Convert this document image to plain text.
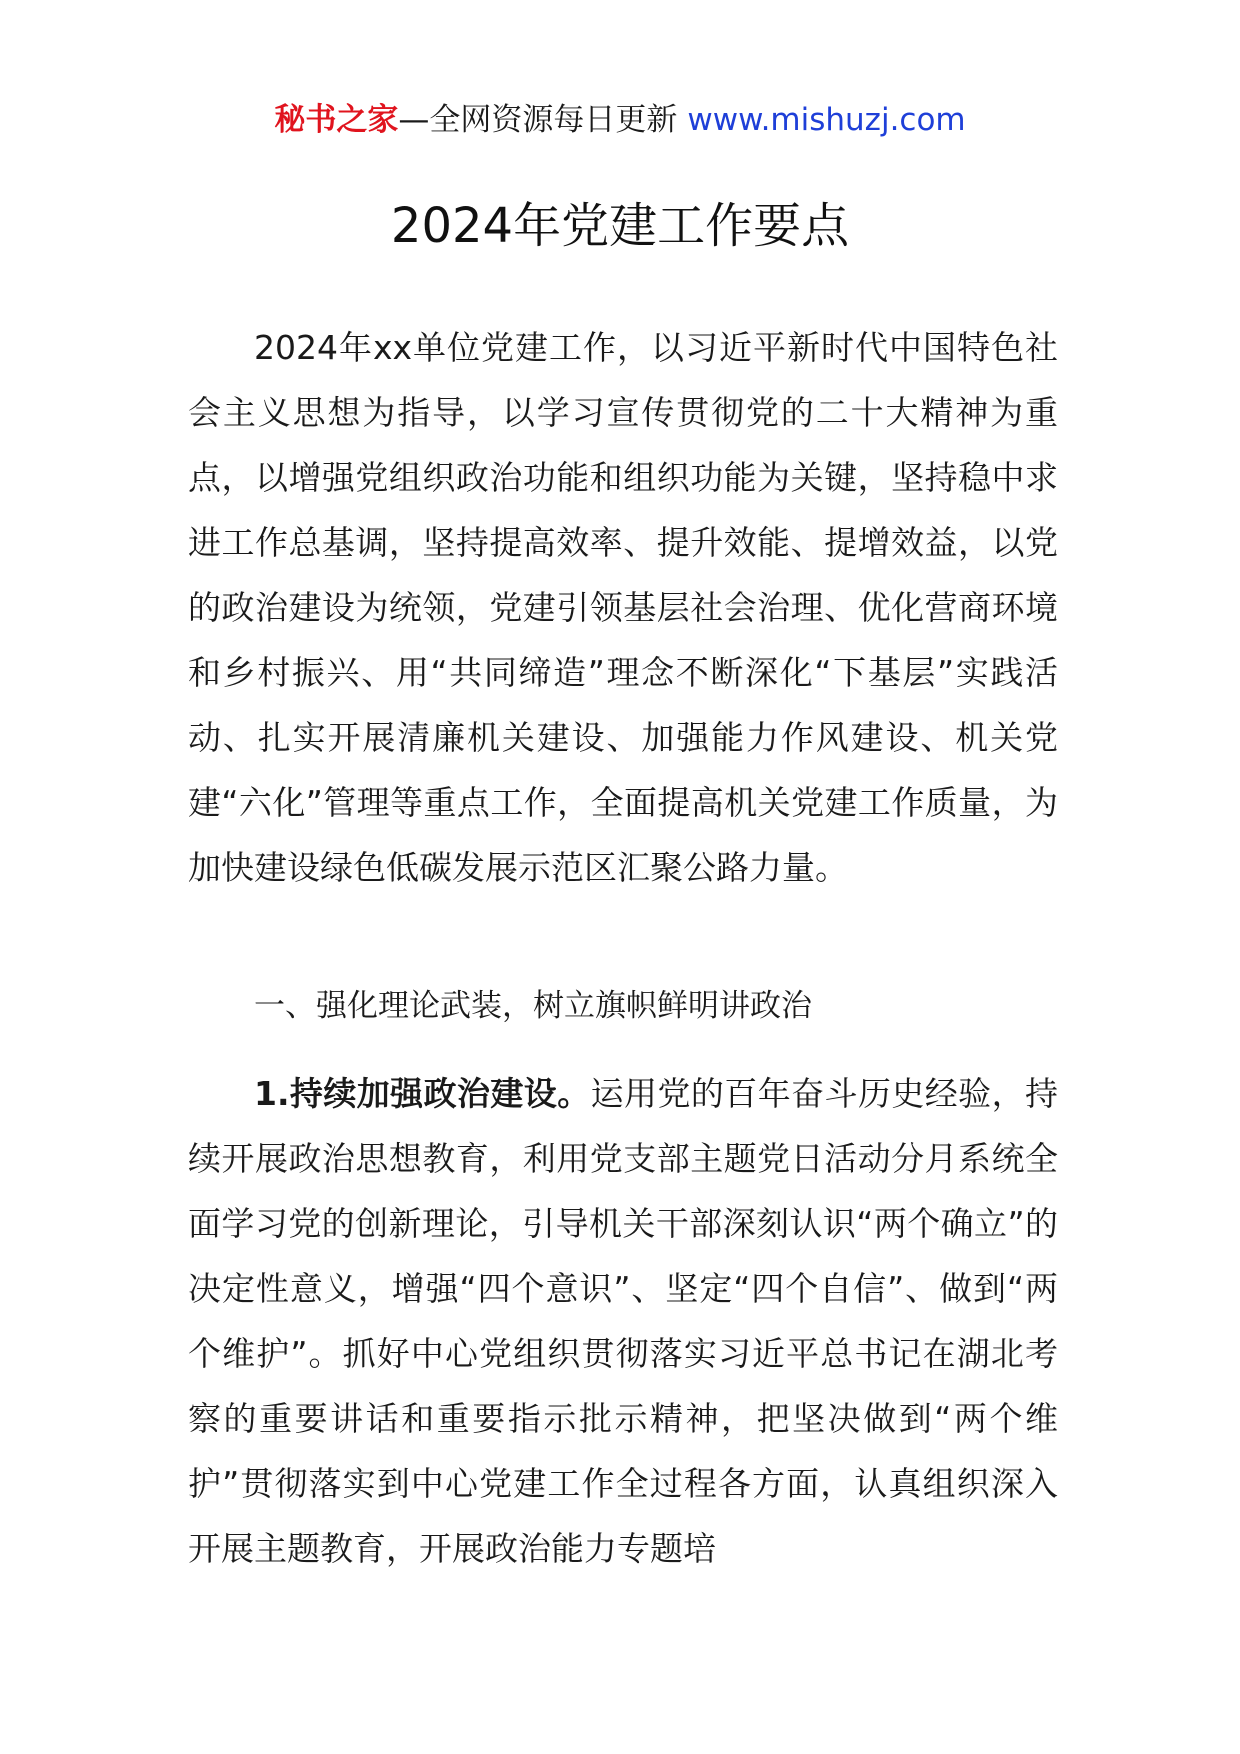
秘书之家—全网资源每日更新 www.mishuzj.com
2024年党建工作要点
2024年xx单位党建工作，以习近平新时代中国特色社会主义思想为指导，以学习宣传贯彻党的二十大精神为重点，以增强党组织政治功能和组织功能为关键，坚持稳中求进工作总基调，坚持提高效率、提升效能、提增效益，以党的政治建设为统领，党建引领基层社会治理、优化营商环境和乡村振兴、用“共同缔造”理念不断深化“下基层”实践活动、扎实开展清廉机关建设、加强能力作风建设、机关党建“六化”管理等重点工作，全面提高机关党建工作质量，为加快建设绿色低碳发展示范区汇聚公路力量。
一、强化理论武装，树立旗帜鲜明讲政治
1.持续加强政治建设。运用党的百年奋斗历史经验，持续开展政治思想教育，利用党支部主题党日活动分月系统全面学习党的创新理论，引导机关干部深刻认识“两个确立”的决定性意义，增强“四个意识”、坚定“四个自信”、做到“两个维护”。抓好中心党组织贯彻落实习近平总书记在湖北考察的重要讲话和重要指示批示精神，把坚决做到“两个维护”贯彻落实到中心党建工作全过程各方面，认真组织深入开展主题教育，开展政治能力专题培
